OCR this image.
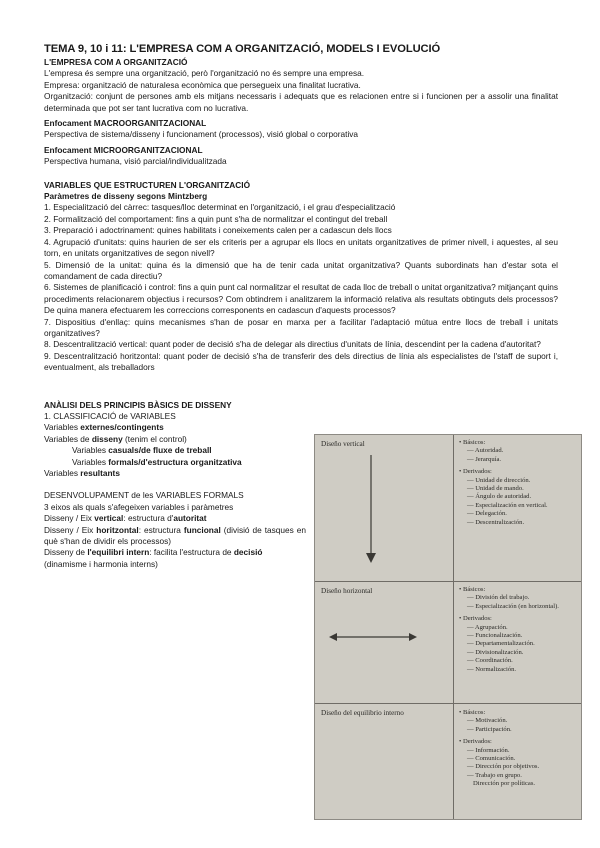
TEMA 9, 10 i 11: L'EMPRESA COM A ORGANITZACIÓ, MODELS I EVOLUCIÓ
L'EMPRESA COM A ORGANITZACIÓ
L'empresa és sempre una organització, però l'organització no és sempre una empresa.
Empresa: organització de naturalesa econòmica que persegueix una finalitat lucrativa.
Organització: conjunt de persones amb els mitjans necessaris i adequats que es relacionen entre si i funcionen per a assolir una finalitat determinada que pot ser tant lucrativa com no lucrativa.
Enfocament MACROORGANITZACIONAL
Perspectiva de sistema/disseny i funcionament (processos), visió global o corporativa
Enfocament MICROORGANITZACIONAL
Perspectiva humana, visió parcial/individualitzada
VARIABLES QUE ESTRUCTUREN L'ORGANITZACIÓ
Paràmetres de disseny segons Mintzberg
1. Especialització del càrrec: tasques/lloc determinat en l'organització, i el grau d'especialització
2. Formalització del comportament: fins a quin punt s'ha de normalitzar el contingut del treball
3. Preparació i adoctrinament: quines habilitats i coneixements calen per a cadascun dels llocs
4. Agrupació d'unitats: quins haurien de ser els criteris per a agrupar els llocs en unitats organitzatives de primer nivell, i aquestes, al seu torn, en unitats organitzatives de segon nivell?
5. Dimensió de la unitat: quina és la dimensió que ha de tenir cada unitat organitzativa? Quants subordinats han d'estar sota el comandament de cada directiu?
6. Sistemes de planificació i control: fins a quin punt cal normalitzar el resultat de cada lloc de treball o unitat organitzativa? mitjançant quins procediments relacionarem objectius i recursos? Com obtindrem i analitzarem la informació relativa als resultats obtinguts dels processos? De quina manera efectuarem les correccions corresponents en cadascun d'aquests processos?
7. Dispositius d'enllaç: quins mecanismes s'han de posar en marxa per a facilitar l'adaptació mútua entre llocs de treball i unitats organitzatives?
8. Descentralització vertical: quant poder de decisió s'ha de delegar als directius d'unitats de línia, descendint per la cadena d'autoritat?
9. Descentralització horitzontal: quant poder de decisió s'ha de transferir des dels directius de línia als especialistes de l'staff de suport i, eventualment, als treballadors
ANÀLISI DELS PRINCIPIS BÀSICS DE DISSENY
1. CLASSIFICACIÓ de VARIABLES
Variables externes/contingents
Variables de disseny (tenim el control)
Variables casuals/de fluxe de treball
Variables formals/d'estructura organitzativa
Variables resultants
DESENVOLUPAMENT de les VARIABLES FORMALS
3 eixos als quals s'afegeixen variables i paràmetres
Disseny / Eix vertical: estructura d'autoritat
Disseny / Eix horitzontal: estructura funcional (divisió de tasques en què s'han de dividir els processos)
Disseny de l'equilibri intern: facilita l'estructura de decisió (dinamisme i harmonia interns)
Diseño vertical	• Básicos:
— Autoridad.
— Jerarquía.
• Derivados:
— Unidad de dirección.
— Unidad de mando.
— Ángulo de autoridad.
— Especialización en vertical.
— Delegación.
— Descentralización.
Diseño horizontal	• Básicos:
— División del trabajo.
— Especialización (en horizontal).
• Derivados:
— Agrupación.
— Funcionalización.
— Departamentalización.
— Divisionalización.
— Coordinación.
— Normalización.
Diseño del equilibrio interno	• Básicos:
— Motivación.
— Participación.
• Derivados:
— Información.
— Comunicación.
— Dirección por objetivos.
— Trabajo en grupo.
Dirección por políticas.
